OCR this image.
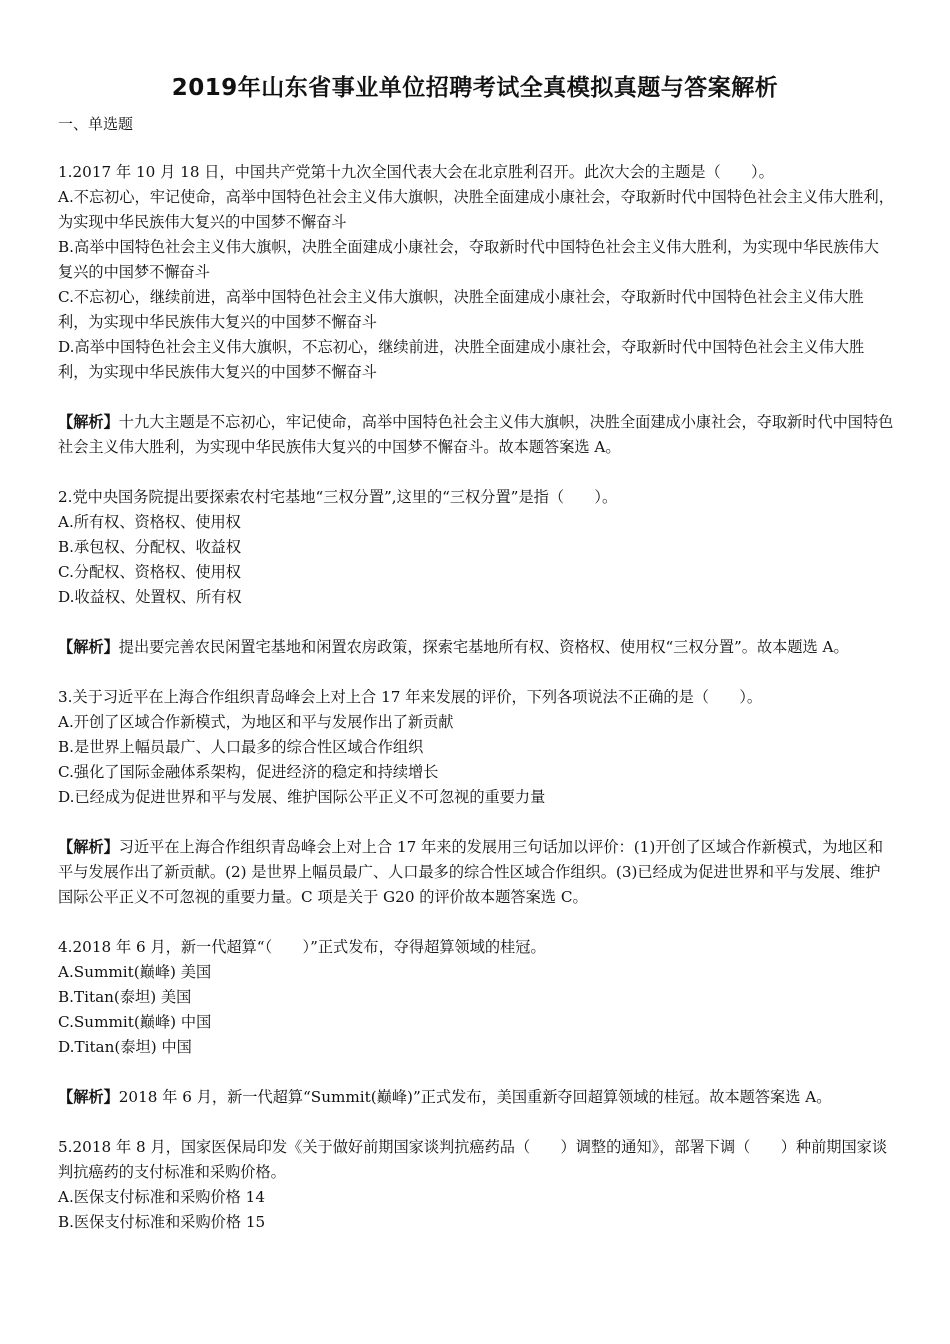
2019年山东省事业单位招聘考试全真模拟真题与答案解析
一、单选题

1.2017 年 10 月 18 日，中国共产党第十九次全国代表大会在北京胜利召开。此次大会的主题是（　　）。

A.不忘初心，牢记使命，高举中国特色社会主义伟大旗帜，决胜全面建成小康社会，夺取新时代中国特色社会主义伟大胜利，为实现中华民族伟大复兴的中国梦不懈奋斗

B.高举中国特色社会主义伟大旗帜，决胜全面建成小康社会，夺取新时代中国特色社会主义伟大胜利，为实现中华民族伟大复兴的中国梦不懈奋斗

C.不忘初心，继续前进，高举中国特色社会主义伟大旗帜，决胜全面建成小康社会，夺取新时代中国特色社会主义伟大胜利，为实现中华民族伟大复兴的中国梦不懈奋斗

D.高举中国特色社会主义伟大旗帜，不忘初心，继续前进，决胜全面建成小康社会，夺取新时代中国特色社会主义伟大胜利，为实现中华民族伟大复兴的中国梦不懈奋斗

【解析】十九大主题是不忘初心，牢记使命，高举中国特色社会主义伟大旗帜，决胜全面建成小康社会，夺取新时代中国特色社会主义伟大胜利，为实现中华民族伟大复兴的中国梦不懈奋斗。故本题答案选 A。

2.党中央国务院提出要探索农村宅基地“三权分置”,这里的“三权分置”是指（　　）。

A.所有权、资格权、使用权

B.承包权、分配权、收益权

C.分配权、资格权、使用权

D.收益权、处置权、所有权

【解析】提出要完善农民闲置宅基地和闲置农房政策，探索宅基地所有权、资格权、使用权“三权分置”。故本题选 A。

3.关于习近平在上海合作组织青岛峰会上对上合 17 年来发展的评价，下列各项说法不正确的是（　　）。

A.开创了区域合作新模式，为地区和平与发展作出了新贡献

B.是世界上幅员最广、人口最多的综合性区域合作组织

C.强化了国际金融体系架构，促进经济的稳定和持续增长

D.已经成为促进世界和平与发展、维护国际公平正义不可忽视的重要力量

【解析】习近平在上海合作组织青岛峰会上对上合 17 年来的发展用三句话加以评价：(1)开创了区域合作新模式，为地区和平与发展作出了新贡献。(2) 是世界上幅员最广、人口最多的综合性区域合作组织。(3)已经成为促进世界和平与发展、维护国际公平正义不可忽视的重要力量。C 项是关于 G20 的评价故本题答案选 C。

4.2018 年 6 月，新一代超算“（　　）”正式发布，夺得超算领域的桂冠。

A.Summit(巅峰) 美国

B.Titan(泰坦) 美国

C.Summit(巅峰) 中国

D.Titan(泰坦) 中国

【解析】2018 年 6 月，新一代超算“Summit(巅峰)”正式发布，美国重新夺回超算领域的桂冠。故本题答案选 A。

5.2018 年 8 月，国家医保局印发《关于做好前期国家谈判抗癌药品（　　）调整的通知》，部署下调（　　）种前期国家谈判抗癌药的支付标准和采购价格。

A.医保支付标准和采购价格 14

B.医保支付标准和采购价格 15
